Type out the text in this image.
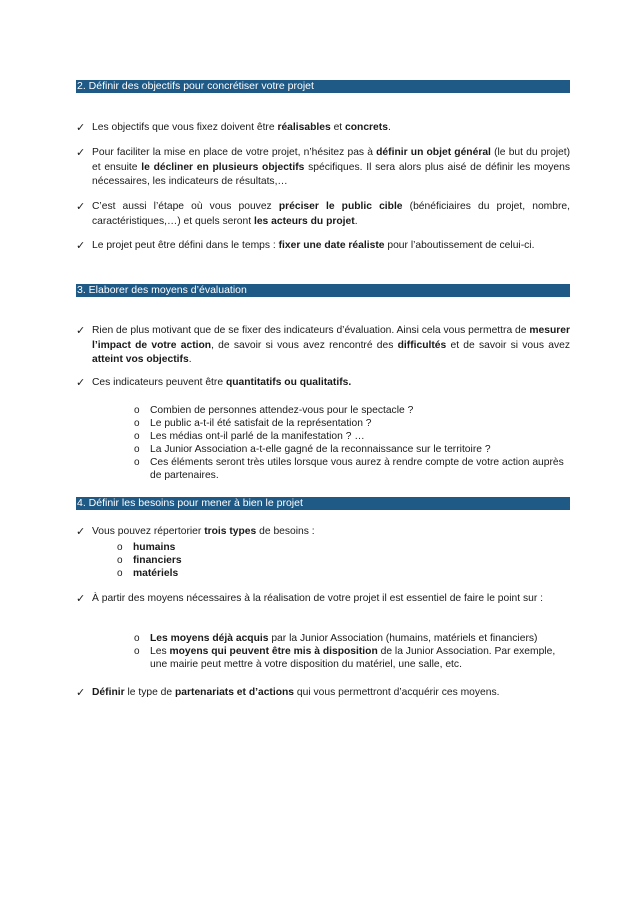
2. Définir des objectifs pour concrétiser votre projet
✓ Les objectifs que vous fixez doivent être réalisables et concrets.
✓ Pour faciliter la mise en place de votre projet, n’hésitez pas à définir un objet général (le but du projet) et ensuite le décliner en plusieurs objectifs spécifiques. Il sera alors plus aisé de définir les moyens nécessaires, les indicateurs de résultats,…
✓ C’est aussi l’étape où vous pouvez préciser le public cible (bénéficiaires du projet, nombre, caractéristiques,…) et quels seront les acteurs du projet.
✓ Le projet peut être défini dans le temps : fixer une date réaliste pour l’aboutissement de celui-ci.
3. Elaborer des moyens d’évaluation
✓ Rien de plus motivant que de se fixer des indicateurs d’évaluation. Ainsi cela vous permettra de mesurer l’impact de votre action, de savoir si vous avez rencontré des difficultés et de savoir si vous avez atteint vos objectifs.
✓ Ces indicateurs peuvent être quantitatifs ou qualitatifs.
o Combien de personnes attendez-vous pour le spectacle ?
o Le public a-t-il été satisfait de la représentation ?
o Les médias ont-il parlé de la manifestation ? …
o La Junior Association a-t-elle gagné de la reconnaissance sur le territoire ?
o Ces éléments seront très utiles lorsque vous aurez à rendre compte de votre action auprès de partenaires.
4. Définir les besoins pour mener à bien le projet
✓ Vous pouvez répertorier trois types de besoins :
o humains
o financiers
o matériels
✓ À partir des moyens nécessaires à la réalisation de votre projet il est essentiel de faire le point sur :
o Les moyens déjà acquis par la Junior Association (humains, matériels et financiers)
o Les moyens qui peuvent être mis à disposition de la Junior Association. Par exemple, une mairie peut mettre à votre disposition du matériel, une salle, etc.
✓ Définir le type de partenariats et d’actions qui vous permettront d’acquérir ces moyens.
